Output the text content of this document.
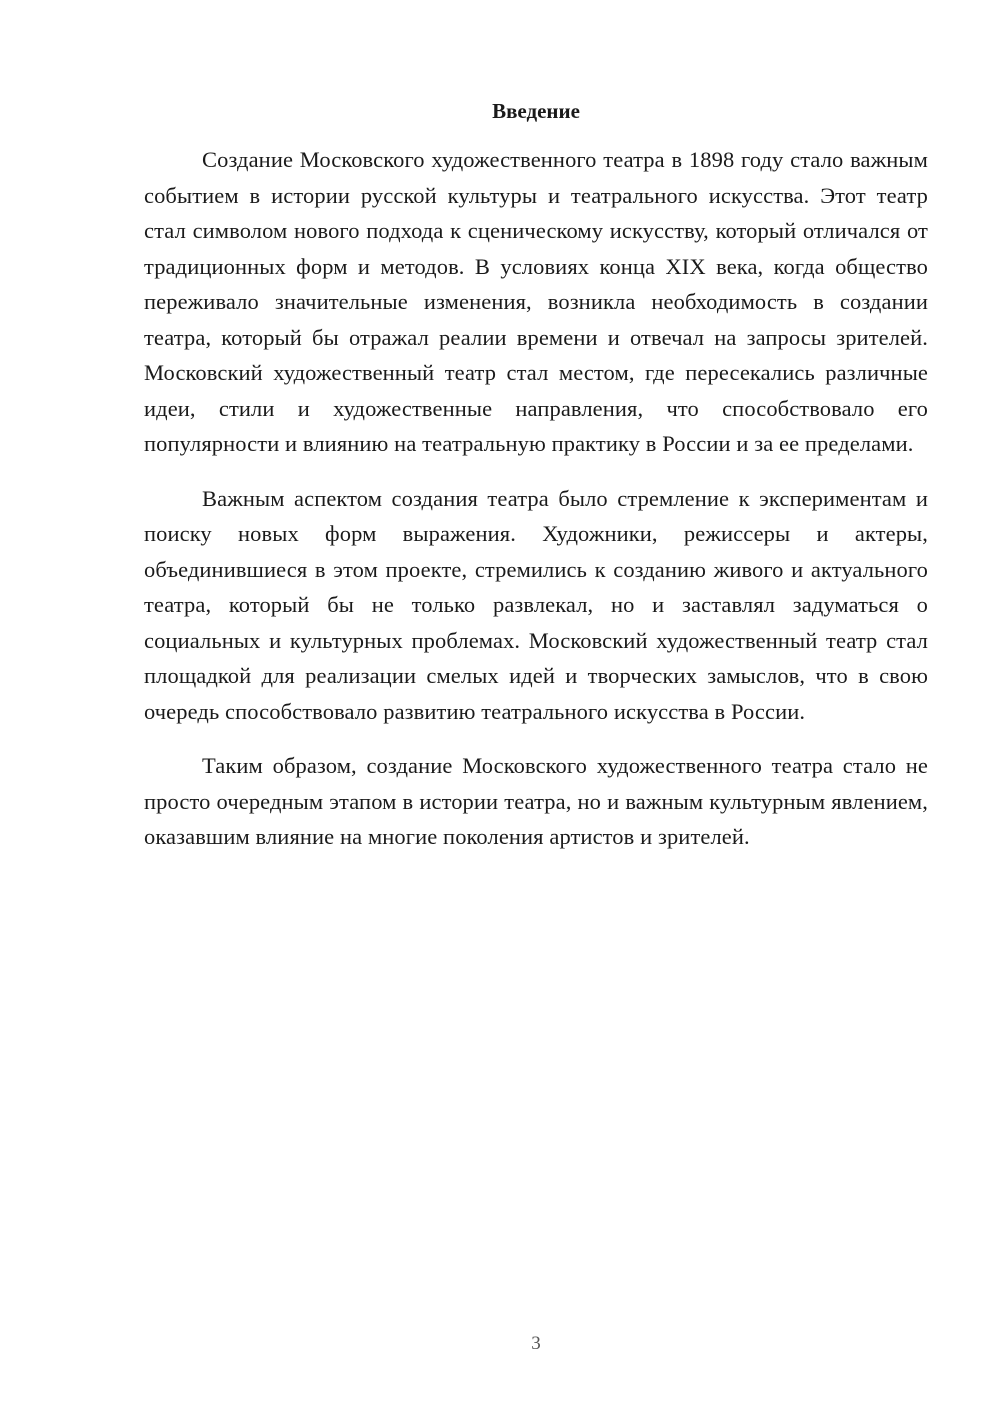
Введение

Создание Московского художественного театра в 1898 году стало важным событием в истории русской культуры и театрального искусства. Этот театр стал символом нового подхода к сценическому искусству, который отличался от традиционных форм и методов. В условиях конца XIX века, когда общество переживало значительные изменения, возникла необходимость в создании театра, который бы отражал реалии времени и отвечал на запросы зрителей. Московский художественный театр стал местом, где пересекались различные идеи, стили и художественные направления, что способствовало его популярности и влиянию на театральную практику в России и за ее пределами.

Важным аспектом создания театра было стремление к экспериментам и поиску новых форм выражения. Художники, режиссеры и актеры, объединившиеся в этом проекте, стремились к созданию живого и актуального театра, который бы не только развлекал, но и заставлял задуматься о социальных и культурных проблемах. Московский художественный театр стал площадкой для реализации смелых идей и творческих замыслов, что в свою очередь способствовало развитию театрального искусства в России.

Таким образом, создание Московского художественного театра стало не просто очередным этапом в истории театра, но и важным культурным явлением, оказавшим влияние на многие поколения артистов и зрителей.

3
